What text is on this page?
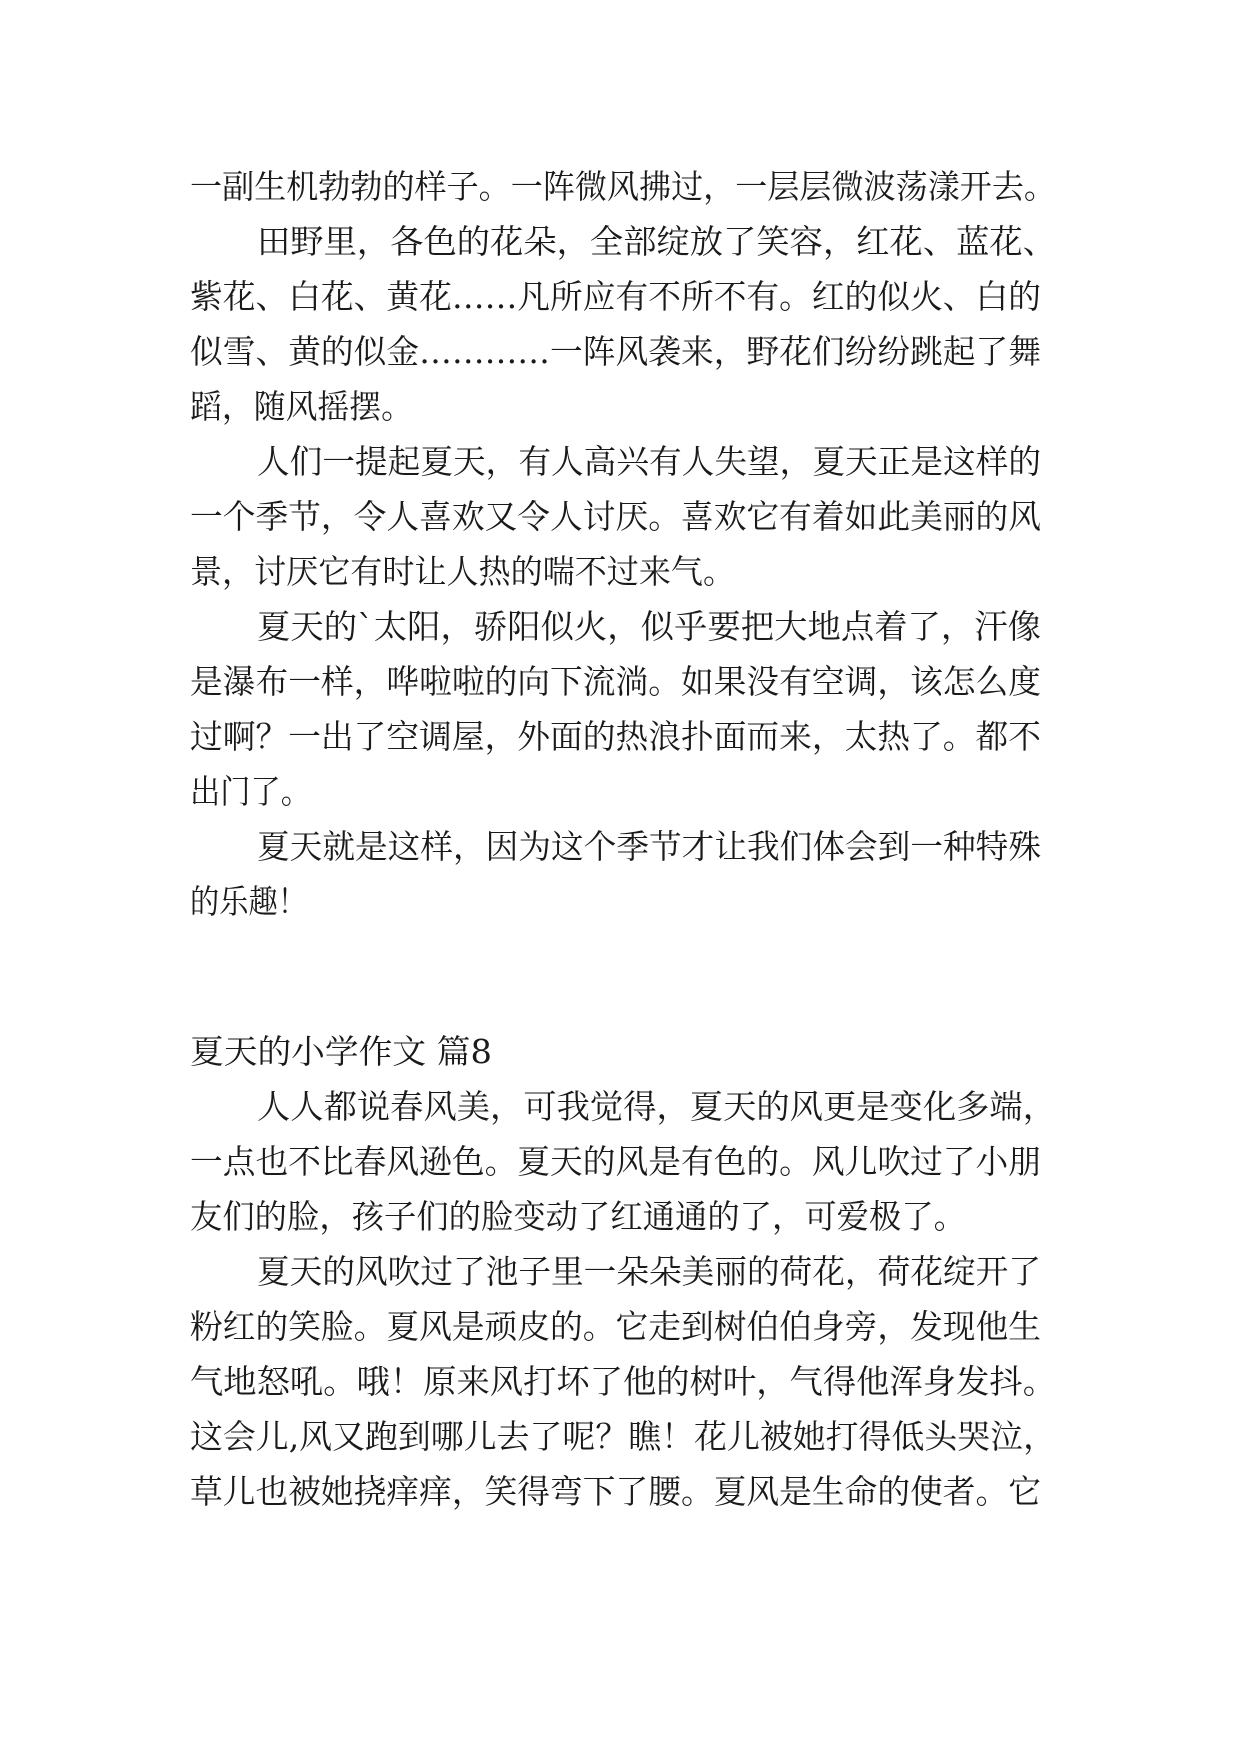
一副生机勃勃的样子。一阵微风拂过，一层层微波荡漾开去。
田野里，各色的花朵，全部绽放了笑容，红花、蓝花、
紫花、白花、黄花……凡所应有不所不有。红的似火、白的
似雪、黄的似金…………一阵风袭来，野花们纷纷跳起了舞
蹈，随风摇摆。
人们一提起夏天，有人高兴有人失望，夏天正是这样的
一个季节，令人喜欢又令人讨厌。喜欢它有着如此美丽的风
景，讨厌它有时让人热的喘不过来气。
夏天的`太阳，骄阳似火，似乎要把大地点着了，汗像
是瀑布一样，哗啦啦的向下流淌。如果没有空调，该怎么度
过啊？一出了空调屋，外面的热浪扑面而来，太热了。都不
出门了。
夏天就是这样，因为这个季节才让我们体会到一种特殊
的乐趣！
夏天的小学作文 篇8
人人都说春风美，可我觉得，夏天的风更是变化多端，
一点也不比春风逊色。夏天的风是有色的。风儿吹过了小朋
友们的脸，孩子们的脸变动了红通通的了，可爱极了。
夏天的风吹过了池子里一朵朵美丽的荷花，荷花绽开了
粉红的笑脸。夏风是顽皮的。它走到树伯伯身旁，发现他生
气地怒吼。哦！原来风打坏了他的树叶，气得他浑身发抖。
这会儿,风又跑到哪儿去了呢？瞧！花儿被她打得低头哭泣，
草儿也被她挠痒痒，笑得弯下了腰。夏风是生命的使者。它
